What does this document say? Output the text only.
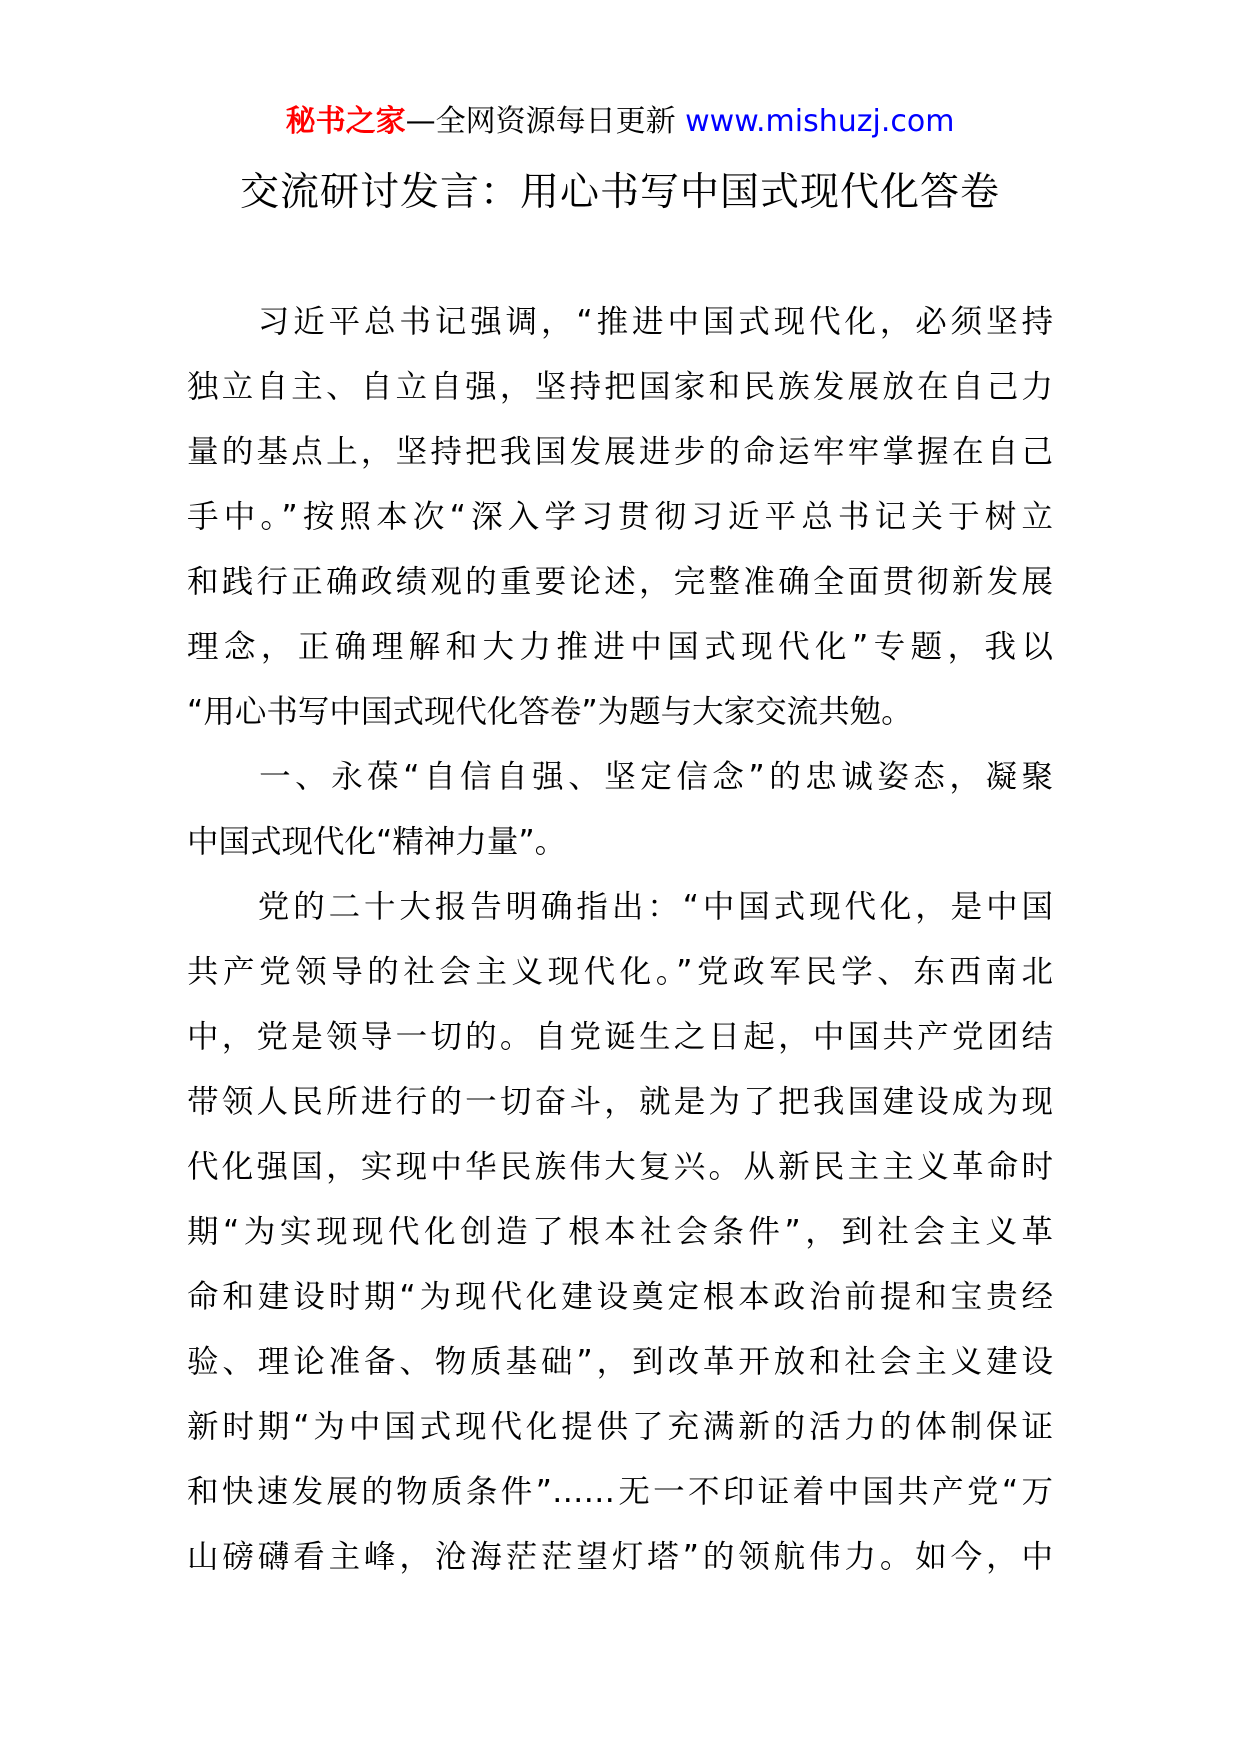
秘书之家—全网资源每日更新 www.mishuzj.com
交流研讨发言：用心书写中国式现代化答卷
　　习近平总书记强调，“推进中国式现代化，必须坚持
独立自主、自立自强，坚持把国家和民族发展放在自己力
量的基点上，坚持把我国发展进步的命运牢牢掌握在自己
手中。”按照本次“深入学习贯彻习近平总书记关于树立
和践行正确政绩观的重要论述，完整准确全面贯彻新发展
理念，正确理解和大力推进中国式现代化”专题，我以
“用心书写中国式现代化答卷”为题与大家交流共勉。
　　一、永葆“自信自强、坚定信念”的忠诚姿态，凝聚
中国式现代化“精神力量”。
　　党的二十大报告明确指出：“中国式现代化，是中国
共产党领导的社会主义现代化。”党政军民学、东西南北
中，党是领导一切的。自党诞生之日起，中国共产党团结
带领人民所进行的一切奋斗，就是为了把我国建设成为现
代化强国，实现中华民族伟大复兴。从新民主主义革命时
期“为实现现代化创造了根本社会条件”，到社会主义革
命和建设时期“为现代化建设奠定根本政治前提和宝贵经
验、理论准备、物质基础”，到改革开放和社会主义建设
新时期“为中国式现代化提供了充满新的活力的体制保证
和快速发展的物质条件”……无一不印证着中国共产党“万
山磅礴看主峰，沧海茫茫望灯塔”的领航伟力。如今，中
